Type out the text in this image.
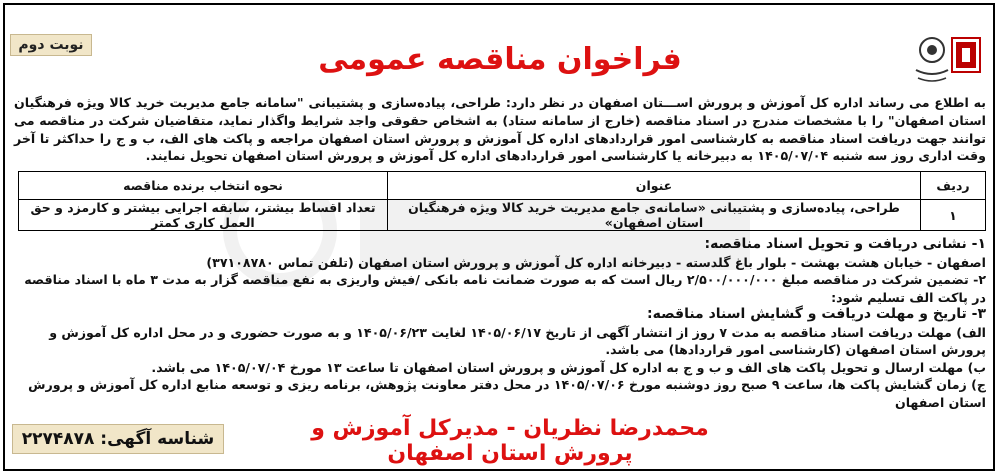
نوبت دوم	فراخوان مناقصه عمومی
به اطلاع می رساند اداره کل آموزش و پرورش اســـتان اصفهان در نظر دارد: طراحی، پیاده‌سازی و پشتیبانی "سامانه جامع مدیریت خرید کالا ویژه فرهنگیان استان اصفهان" را با مشخصات مندرج در اسناد مناقصه (خارج از سامانه ستاد) به اشخاص حقوقی واجد شرایط واگذار نماید، متقاضیان شرکت در مناقصه می توانند جهت دریافت اسناد مناقصه به کارشناسی امور قراردادهای اداره کل آموزش و پرورش استان اصفهان مراجعه و پاکت های الف، ب و ج را حداکثر تا آخر وقت اداری روز سه شنبه ۱۴۰۵/۰۷/۰۴ به دبیرخانه یا کارشناسی امور قراردادهای اداره کل آموزش و پرورش استان اصفهان تحویل نمایند.
ردیف	عنوان	نحوه انتخاب برنده مناقصه
۱	طراحی، پیاده‌سازی و پشتیبانی «سامانه‌ی جامع مدیریت خرید کالا ویژه فرهنگیان استان اصفهان»	تعداد اقساط بیشتر، سابقه اجرایی بیشتر و کارمزد و حق العمل کاری کمتر
۱- نشانی دریافت و تحویل اسناد مناقصه:
اصفهان - خیابان هشت بهشت - بلوار باغ گلدسته - دبیرخانه اداره کل آموزش و پرورش استان اصفهان (تلفن تماس ۳۷۱۰۸۷۸۰)
۲- تضمین شرکت در مناقصه مبلغ ۲/۵۰۰/۰۰۰/۰۰۰ ریال است که به صورت ضمانت نامه بانکی /فیش واریزی به نفع مناقصه گزار به مدت ۳ ماه با اسناد مناقصه در پاکت الف تسلیم شود:
۳- تاریخ و مهلت دریافت و گشایش اسناد مناقصه:
الف) مهلت دریافت اسناد مناقصه به مدت ۷ روز از انتشار آگهی از تاریخ ۱۴۰۵/۰۶/۱۷ لغایت ۱۴۰۵/۰۶/۲۳ و به صورت حضوری و در محل اداره کل آموزش و پرورش استان اصفهان (کارشناسی امور قراردادها) می باشد.
ب) مهلت ارسال و تحویل پاکت های الف و ب و ج به اداره کل آموزش و پرورش استان اصفهان تا ساعت ۱۳ مورخ ۱۴۰۵/۰۷/۰۴ می باشد.
ج) زمان گشایش پاکت ها، ساعت ۹ صبح روز دوشنبه مورخ ۱۴۰۵/۰۷/۰۶ در محل دفتر معاونت پژوهش، برنامه ریزی و توسعه منابع اداره کل آموزش و پرورش استان اصفهان
محمدرضا نظریان - مدیرکل آموزش و پرورش استان اصفهان
شناسه آگهی: ۲۲۷۴۸۷۸
